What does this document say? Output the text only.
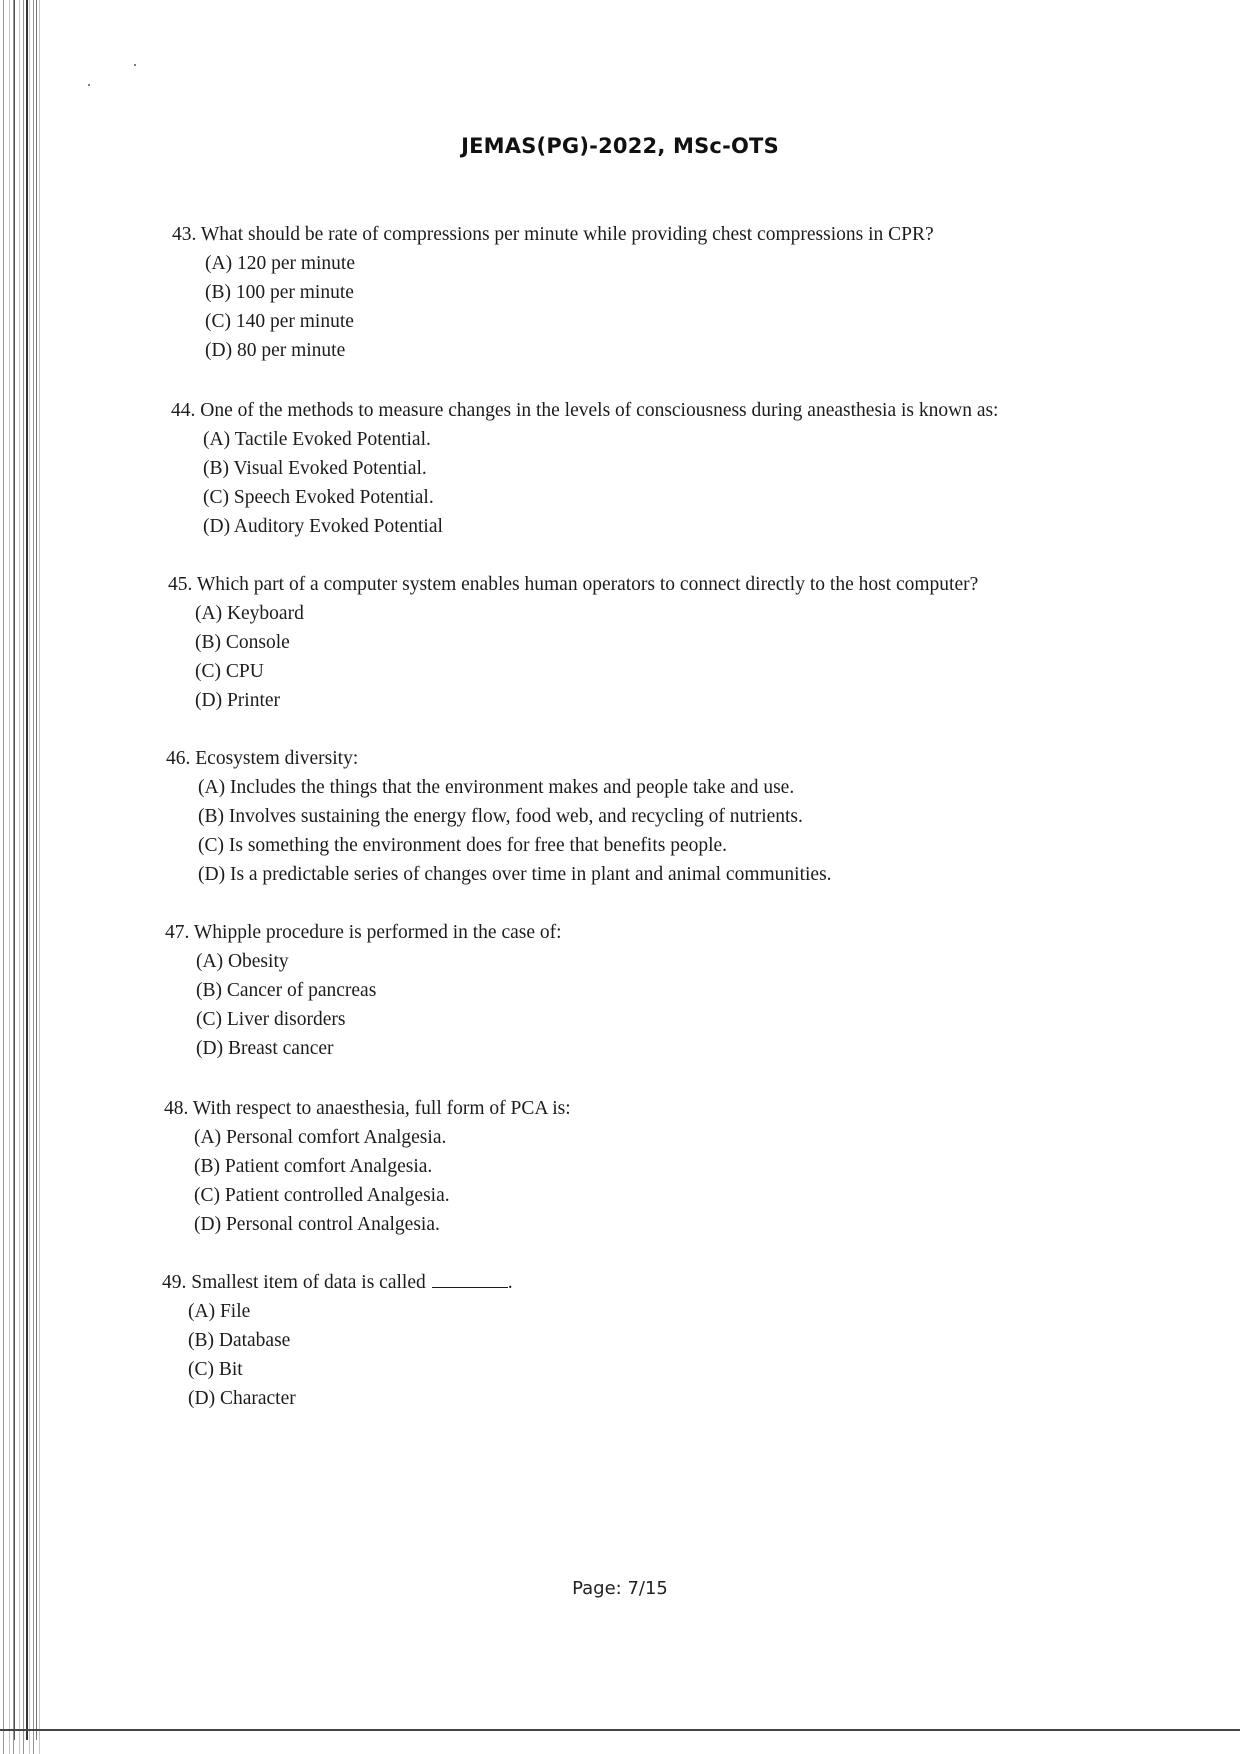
JEMAS(PG)-2022, MSc-OTS
43. What should be rate of compressions per minute while providing chest compressions in CPR?
(A) 120 per minute
(B) 100 per minute
(C) 140 per minute
(D) 80 per minute
44. One of the methods to measure changes in the levels of consciousness during aneasthesia is known as:
(A) Tactile Evoked Potential.
(B) Visual Evoked Potential.
(C) Speech Evoked Potential.
(D) Auditory Evoked Potential
45. Which part of a computer system enables human operators to connect directly to the host computer?
(A) Keyboard
(B) Console
(C) CPU
(D) Printer
46. Ecosystem diversity:
(A) Includes the things that the environment makes and people take and use.
(B) Involves sustaining the energy flow, food web, and recycling of nutrients.
(C) Is something the environment does for free that benefits people.
(D) Is a predictable series of changes over time in plant and animal communities.
47. Whipple procedure is performed in the case of:
(A) Obesity
(B) Cancer of pancreas
(C) Liver disorders
(D) Breast cancer
48. With respect to anaesthesia, full form of PCA is:
(A) Personal comfort Analgesia.
(B) Patient comfort Analgesia.
(C) Patient controlled Analgesia.
(D) Personal control Analgesia.
49. Smallest item of data is called	.
(A) File
(B) Database
(C) Bit
(D) Character
Page: 7/15
